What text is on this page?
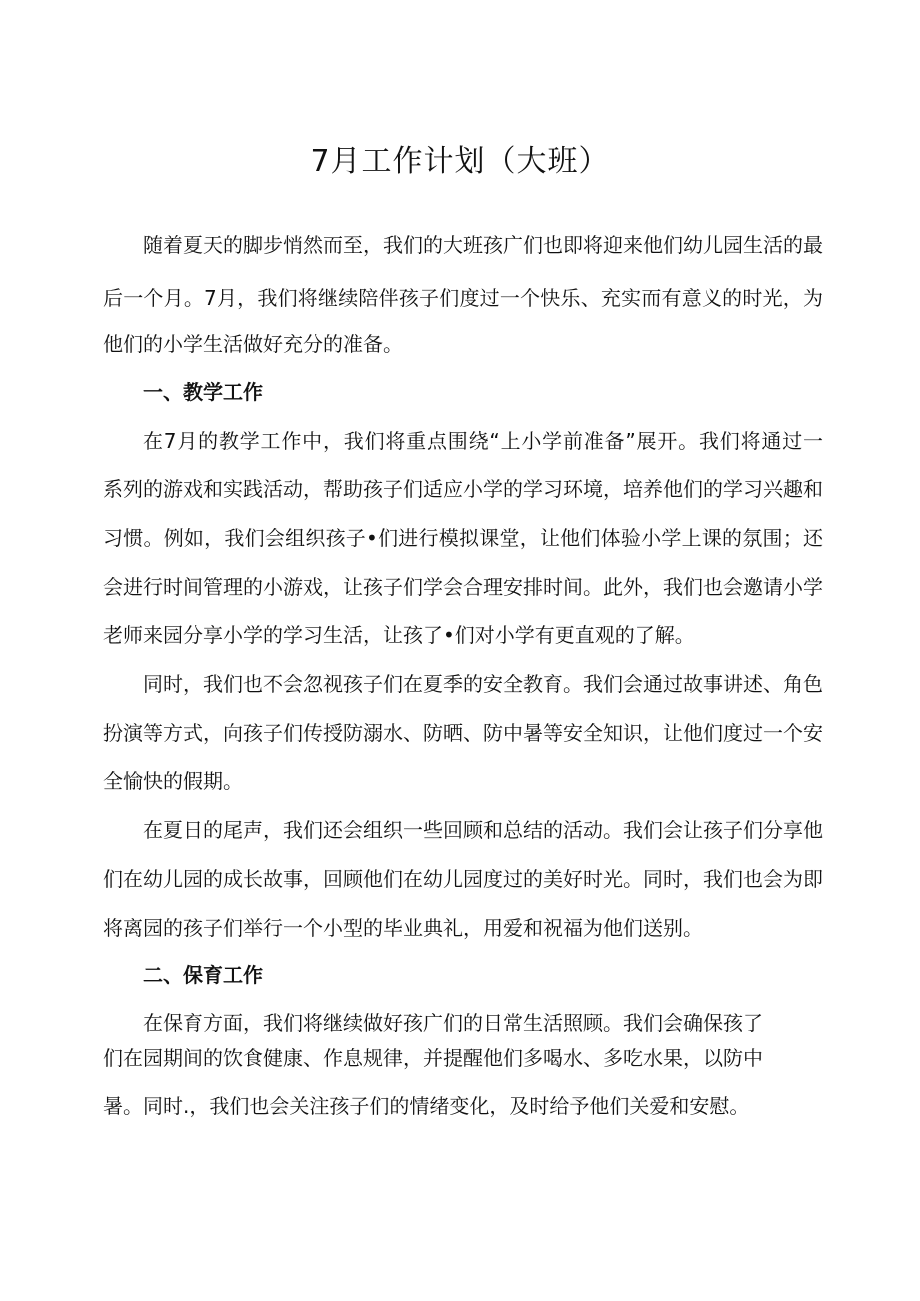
7月工作计划（大班）

随着夏天的脚步悄然而至，我们的大班孩广们也即将迎来他们幼儿园生活的最

后一个月。7月，我们将继续陪伴孩子们度过一个快乐、充实而有意义的时光，为

他们的小学生活做好充分的准备。

一、教学工作

在7月的教学工作中，我们将重点围绕“上小学前准备”展开。我们将通过一

系列的游戏和实践活动，帮助孩子们适应小学的学习环境，培养他们的学习兴趣和

习惯。例如，我们会组织孩子•们进行模拟课堂，让他们体验小学上课的氛围；还

会进行时间管理的小游戏，让孩子们学会合理安排时间。此外，我们也会邀请小学

老师来园分享小学的学习生活，让孩了•们对小学有更直观的了解。

同时，我们也不会忽视孩子们在夏季的安全教育。我们会通过故事讲述、角色

扮演等方式，向孩子们传授防溺水、防晒、防中暑等安全知识，让他们度过一个安

全愉快的假期。

在夏日的尾声，我们还会组织一些回顾和总结的活动。我们会让孩子们分享他

们在幼儿园的成长故事，回顾他们在幼儿园度过的美好时光。同时，我们也会为即

将离园的孩子们举行一个小型的毕业典礼，用爱和祝福为他们送别。

二、保育工作

在保育方面，我们将继续做好孩广们的日常生活照顾。我们会确保孩了

们在园期间的饮食健康、作息规律，并提醒他们多喝水、多吃水果，以防中

暑。同时.，我们也会关注孩子们的情绪变化，及时给予他们关爱和安慰。
